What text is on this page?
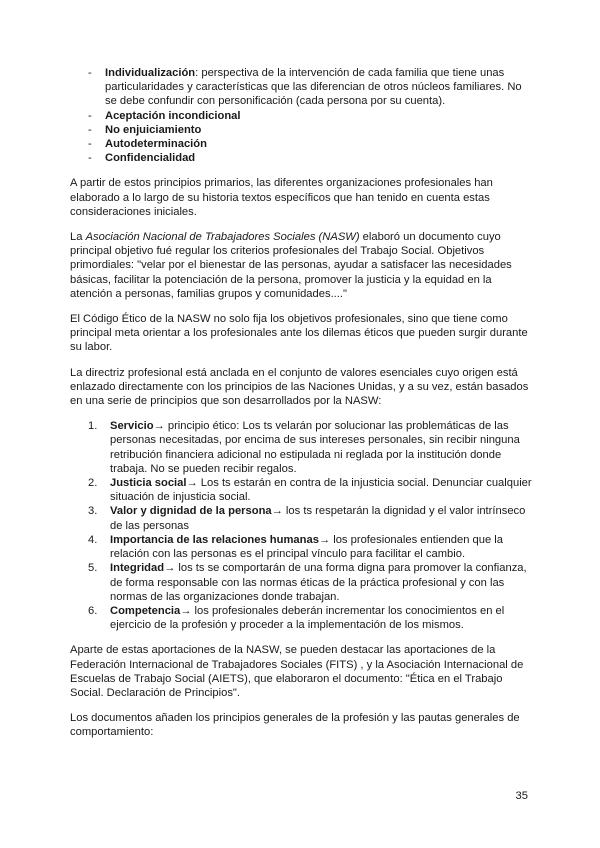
- Individualización: perspectiva de la intervención de cada familia que tiene unas particularidades y características que las diferencian de otros núcleos familiares. No se debe confundir con personificación (cada persona por su cuenta).
- Aceptación incondicional
- No enjuiciamiento
- Autodeterminación
- Confidencialidad

A partir de estos principios primarios, las diferentes organizaciones profesionales han elaborado a lo largo de su historia textos específicos que han tenido en cuenta estas consideraciones iniciales.

La Asociación Nacional de Trabajadores Sociales (NASW) elaboró un documento cuyo principal objetivo fué regular los criterios profesionales del Trabajo Social. Objetivos primordiales: "velar por el bienestar de las personas, ayudar a satisfacer las necesidades básicas, facilitar la potenciación de la persona, promover la justicia y la equidad en la atención a personas, familias grupos y comunidades...."

El Código Ético de la NASW no solo fija los objetivos profesionales, sino que tiene como principal meta orientar a los profesionales ante los dilemas éticos que pueden surgir durante su labor.

La directriz profesional está anclada en el conjunto de valores esenciales cuyo origen está enlazado directamente con los principios de las Naciones Unidas, y a su vez, están basados en una serie de principios que son desarrollados por la NASW:

1. Servicio→ principio ético: Los ts velarán por solucionar las problemáticas de las personas necesitadas, por encima de sus intereses personales, sin recibir ninguna retribución financiera adicional no estipulada ni reglada por la institución donde trabaja. No se pueden recibir regalos.
2. Justicia social→ Los ts estarán en contra de la injusticia social. Denunciar cualquier situación de injusticia social.
3. Valor y dignidad de la persona→ los ts respetarán la dignidad y el valor intrínseco de las personas
4. Importancia de las relaciones humanas→ los profesionales entienden que la relación con las personas es el principal vínculo para facilitar el cambio.
5. Integridad→ los ts se comportarán de una forma digna para promover la confianza, de forma responsable con las normas éticas de la práctica profesional y con las normas de las organizaciones donde trabajan.
6. Competencia→ los profesionales deberán incrementar los conocimientos en el ejercicio de la profesión y proceder a la implementación de los mismos.

Aparte de estas aportaciones de la NASW, se pueden destacar las aportaciones de la Federación Internacional de Trabajadores Sociales (FITS) , y la Asociación Internacional de Escuelas de Trabajo Social (AIETS), que elaboraron el documento: "Ética en el Trabajo Social. Declaración de Principios".

Los documentos añaden los principios generales de la profesión y las pautas generales de comportamiento:

35
